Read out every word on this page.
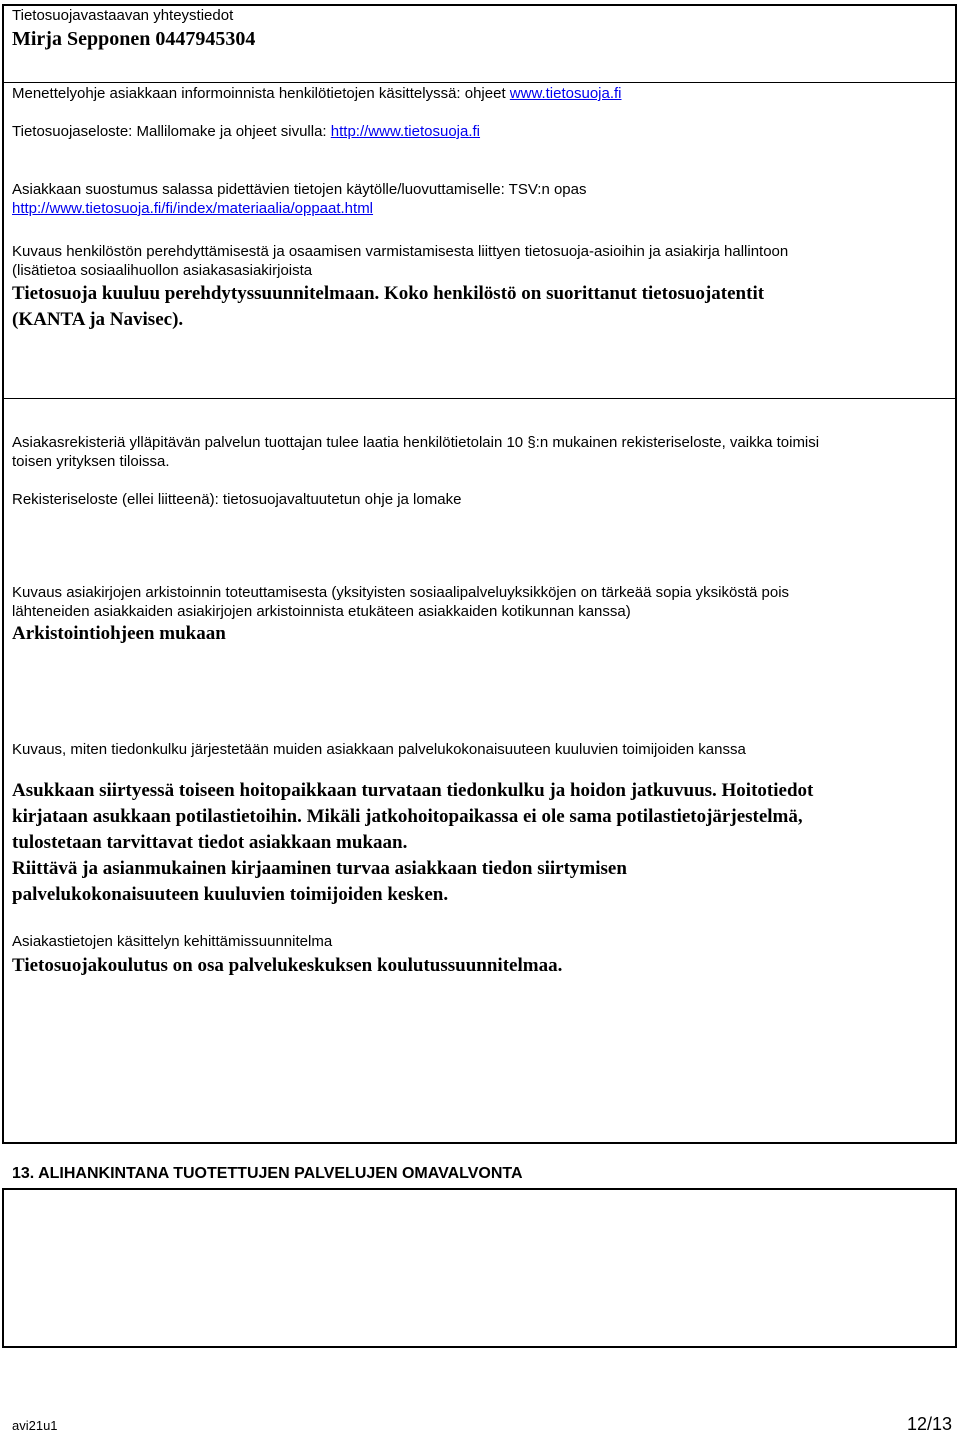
Tietosuojavastaavan yhteystiedot
Mirja Sepponen 0447945304
Menettelyohje asiakkaan informoinnista henkilötietojen käsittelyssä: ohjeet www.tietosuoja.fi
Tietosuojaseloste: Mallilomake ja ohjeet sivulla: http://www.tietosuoja.fi
Asiakkaan suostumus salassa pidettävien tietojen käytölle/luovuttamiselle: TSV:n opas
http://www.tietosuoja.fi/fi/index/materiaalia/oppaat.html
Kuvaus henkilöstön perehdyttämisestä ja osaamisen varmistamisesta liittyen tietosuoja-asioihin ja asiakirja hallintoon
(lisätietoa sosiaalihuollon asiakasasiakirjoista
Tietosuoja kuuluu perehdytyssuunnitelmaan. Koko henkilöstö on suorittanut tietosuojatentit
(KANTA ja Navisec).
Asiakasrekisteriä ylläpitävän palvelun tuottajan tulee laatia henkilötietolain 10 §:n mukainen rekisteriseloste, vaikka toimisi
toisen yrityksen tiloissa.
Rekisteriseloste (ellei liitteenä): tietosuojavaltuutetun ohje ja lomake
Kuvaus asiakirjojen arkistoinnin toteuttamisesta (yksityisten sosiaalipalveluyksikköjen on tärkeää sopia yksiköstä pois
lähteneiden asiakkaiden asiakirjojen arkistoinnista etukäteen asiakkaiden kotikunnan kanssa)
Arkistointiohjeen mukaan
Kuvaus, miten tiedonkulku järjestetään muiden asiakkaan palvelukokonaisuuteen kuuluvien toimijoiden kanssa
Asukkaan siirtyessä toiseen hoitopaikkaan turvataan tiedonkulku ja hoidon jatkuvuus. Hoitotiedot
kirjataan asukkaan potilastietoihin. Mikäli jatkohoitopaikassa ei ole sama potilastietojärjestelmä,
tulostetaan tarvittavat tiedot asiakkaan mukaan.
Riittävä ja asianmukainen kirjaaminen turvaa asiakkaan tiedon siirtymisen
palvelukokonaisuuteen kuuluvien toimijoiden kesken.
Asiakastietojen käsittelyn kehittämissuunnitelma
Tietosuojakoulutus on osa palvelukeskuksen koulutussuunnitelmaa.
13. ALIHANKINTANA TUOTETTUJEN PALVELUJEN OMAVALVONTA
avi21u1	12/13
